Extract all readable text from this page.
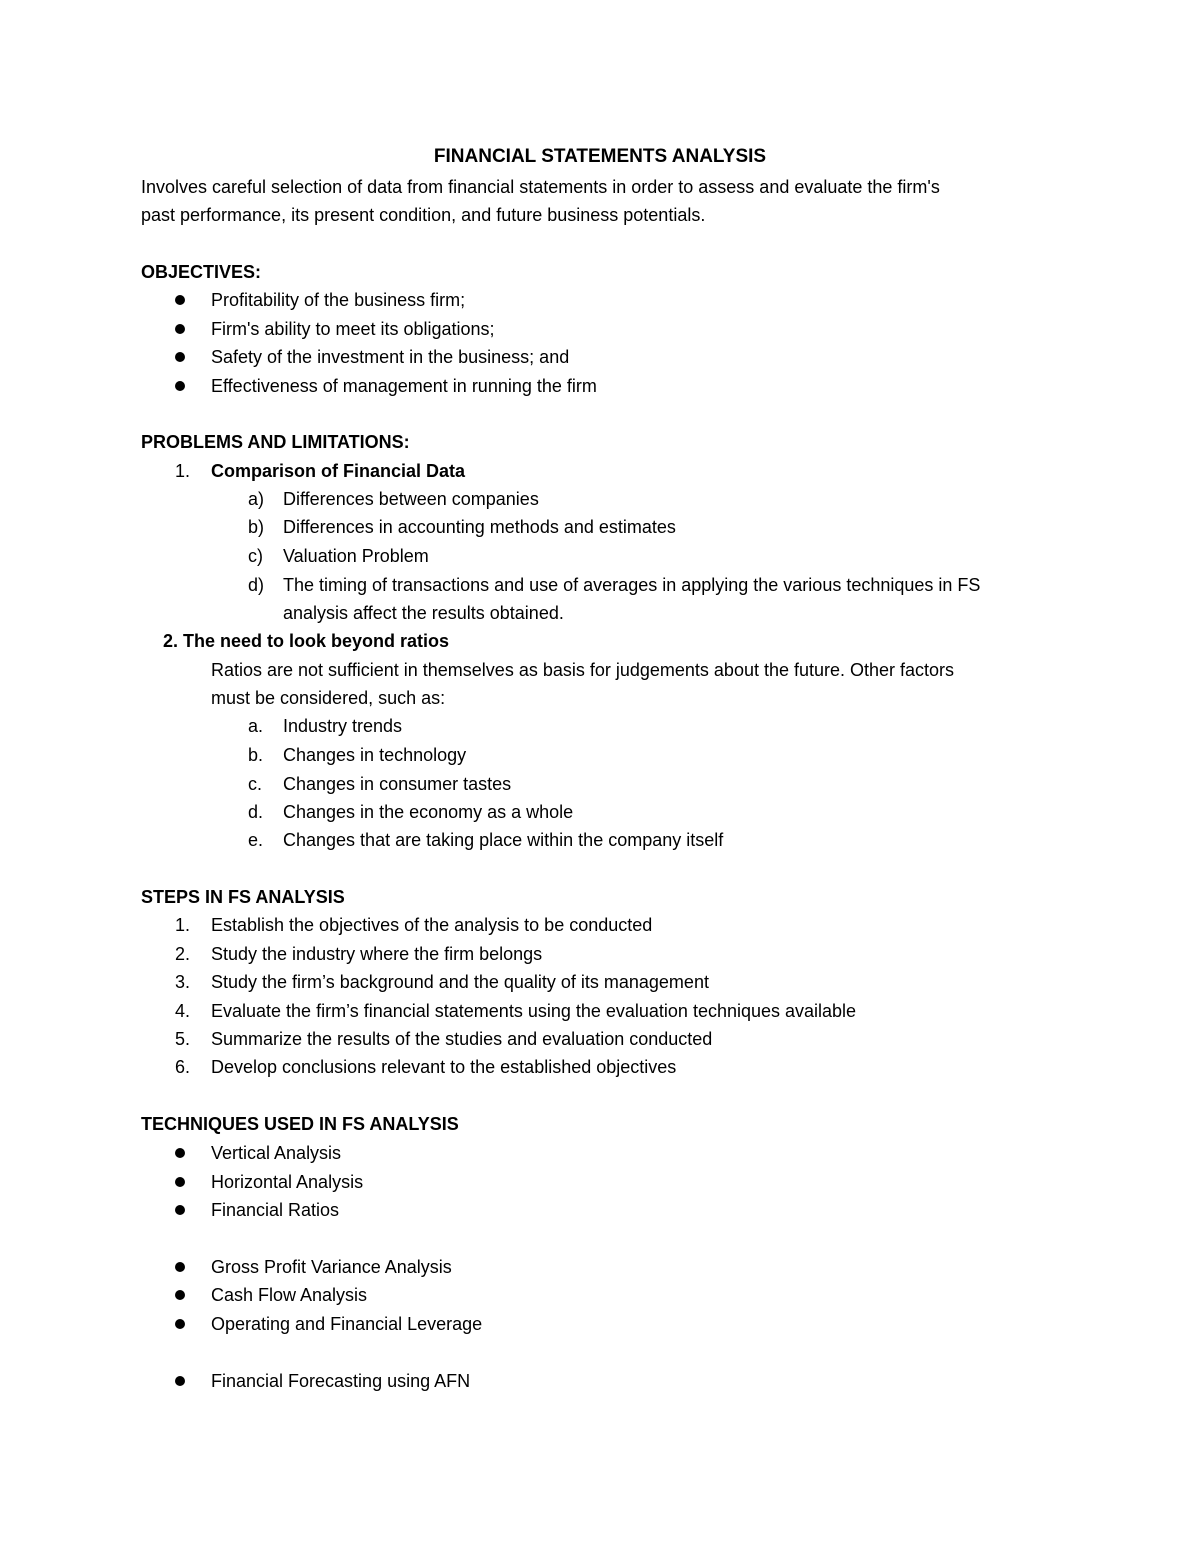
FINANCIAL STATEMENTS ANALYSIS
Involves careful selection of data from financial statements in order to assess and evaluate the firm's
past performance, its present condition, and future business potentials.
OBJECTIVES:
Profitability of the business firm;
Firm's ability to meet its obligations;
Safety of the investment in the business; and
Effectiveness of management in running the firm
PROBLEMS AND LIMITATIONS:
1. Comparison of Financial Data
a) Differences between companies
b) Differences in accounting methods and estimates
c) Valuation Problem
d) The timing of transactions and use of averages in applying the various techniques in FS
analysis affect the results obtained.
2. The need to look beyond ratios
Ratios are not sufficient in themselves as basis for judgements about the future. Other factors
must be considered, such as:
a. Industry trends
b. Changes in technology
c. Changes in consumer tastes
d. Changes in the economy as a whole
e. Changes that are taking place within the company itself
STEPS IN FS ANALYSIS
1. Establish the objectives of the analysis to be conducted
2. Study the industry where the firm belongs
3. Study the firm’s background and the quality of its management
4. Evaluate the firm’s financial statements using the evaluation techniques available
5. Summarize the results of the studies and evaluation conducted
6. Develop conclusions relevant to the established objectives
TECHNIQUES USED IN FS ANALYSIS
Vertical Analysis
Horizontal Analysis
Financial Ratios
Gross Profit Variance Analysis
Cash Flow Analysis
Operating and Financial Leverage
Financial Forecasting using AFN
